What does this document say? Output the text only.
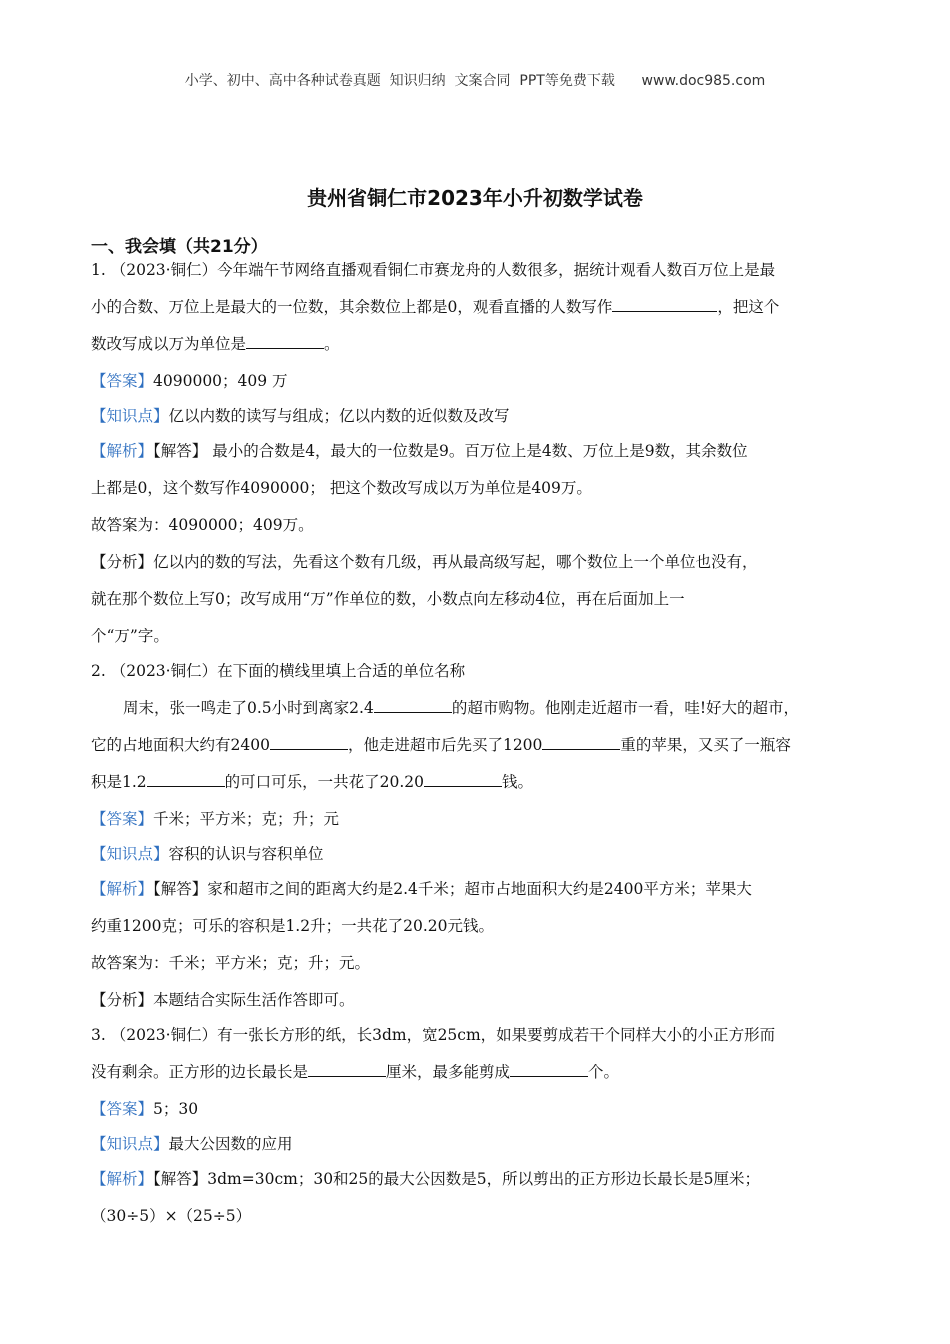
小学、初中、高中各种试卷真题  知识归纳  文案合同  PPT等免费下载 www.doc985.com
贵州省铜仁市2023年小升初数学试卷
一、我会填（共21分）
1. （2023·铜仁）今年端午节网络直播观看铜仁市赛龙舟的人数很多，据统计观看人数百万位上是最
小的合数、万位上是最大的一位数，其余数位上都是0，观看直播的人数写作	，把这个
数改写成以万为单位是	。
【答案】4090000；409 万
【知识点】亿以内数的读写与组成；亿以内数的近似数及改写
【解析】【解答】 最小的合数是4，最大的一位数是9。百万位上是4数、万位上是9数，其余数位
上都是0，这个数写作4090000； 把这个数改写成以万为单位是409万。
故答案为：4090000；409万。
【分析】亿以内的数的写法，先看这个数有几级，再从最高级写起，哪个数位上一个单位也没有，
就在那个数位上写0；改写成用“万”作单位的数，小数点向左移动4位，再在后面加上一
个“万”字。
2. （2023·铜仁）在下面的横线里填上合适的单位名称
周末，张一鸣走了0.5小时到离家2.4	的超市购物。他刚走近超市一看，哇!好大的超市，
它的占地面积大约有2400	，他走进超市后先买了1200	重的苹果，又买了一瓶容
积是1.2	的可口可乐，一共花了20.20	钱。
【答案】千米；平方米；克；升；元
【知识点】容积的认识与容积单位
【解析】【解答】家和超市之间的距离大约是2.4千米；超市占地面积大约是2400平方米；苹果大
约重1200克；可乐的容积是1.2升；一共花了20.20元钱。
故答案为：千米；平方米；克；升；元。
【分析】本题结合实际生活作答即可。
3. （2023·铜仁）有一张长方形的纸，长3dm，宽25cm，如果要剪成若干个同样大小的小正方形而
没有剩余。正方形的边长最长是	厘米，最多能剪成	个。
【答案】5；30
【知识点】最大公因数的应用
【解析】【解答】3dm=30cm；30和25的最大公因数是5，所以剪出的正方形边长最长是5厘米；
（30÷5）×（25÷5）
